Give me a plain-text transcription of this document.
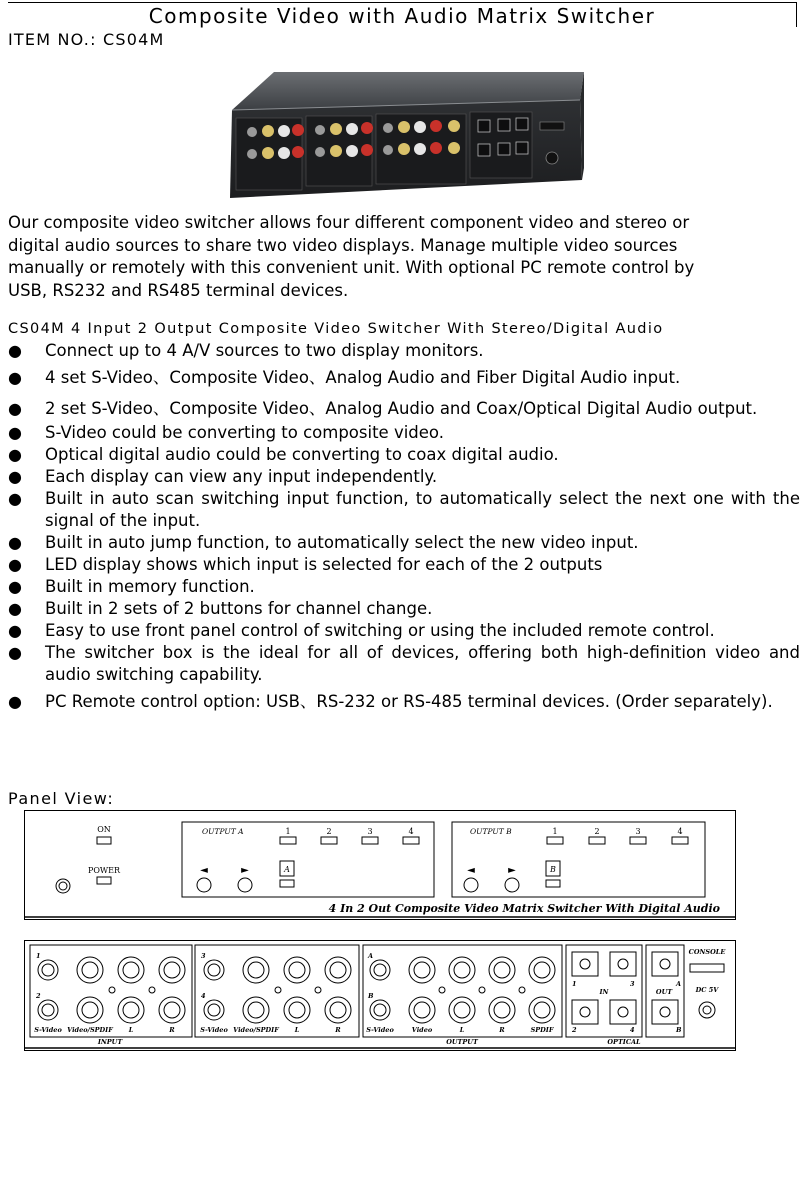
Composite Video with Audio Matrix Switcher
ITEM NO.: CS04M

Our composite video switcher allows four different component video and stereo or
digital audio sources to share two video displays. Manage multiple video sources
manually or remotely with this convenient unit. With optional PC remote control by
USB, RS232 and RS485 terminal devices.

CS04M 4 Input 2 Output Composite Video Switcher With Stereo/Digital Audio
● Connect up to 4 A/V sources to two display monitors.
● 4 set S-Video、Composite Video、Analog Audio and Fiber Digital Audio input.
● 2 set S-Video、Composite Video、Analog Audio and Coax/Optical Digital Audio output.
● S-Video could be converting to composite video.
● Optical digital audio could be converting to coax digital audio.
● Each display can view any input independently.
● Built in auto scan switching input function, to automatically select the next one with the signal of the input.
● Built in auto jump function, to automatically select the new video input.
● LED display shows which input is selected for each of the 2 outputs
● Built in memory function.
● Built in 2 sets of 2 buttons for channel change.
● Easy to use front panel control of switching or using the included remote control.
● The switcher box is the ideal for all of devices, offering both high-definition video and audio switching capability.
● PC Remote control option: USB、RS-232 or RS-485 terminal devices. (Order separately).
Panel View:
ON
POWER
OUTPUT A	1	2	3	4
◄	►	A
OUTPUT B	1	2	3	4
◄	►	B
4 In 2 Out Composite Video Matrix Switcher With Digital Audio
1
2
3
4
A
B
S-Video Video/SPDIF L	R	S-Video Video/SPDIF L	R	S-Video	Video	L	R	SPDIF
1	3
2	4
A
B
IN	OUT
CONSOLE
DC 5V
INPUT	OUTPUT	OPTICAL
